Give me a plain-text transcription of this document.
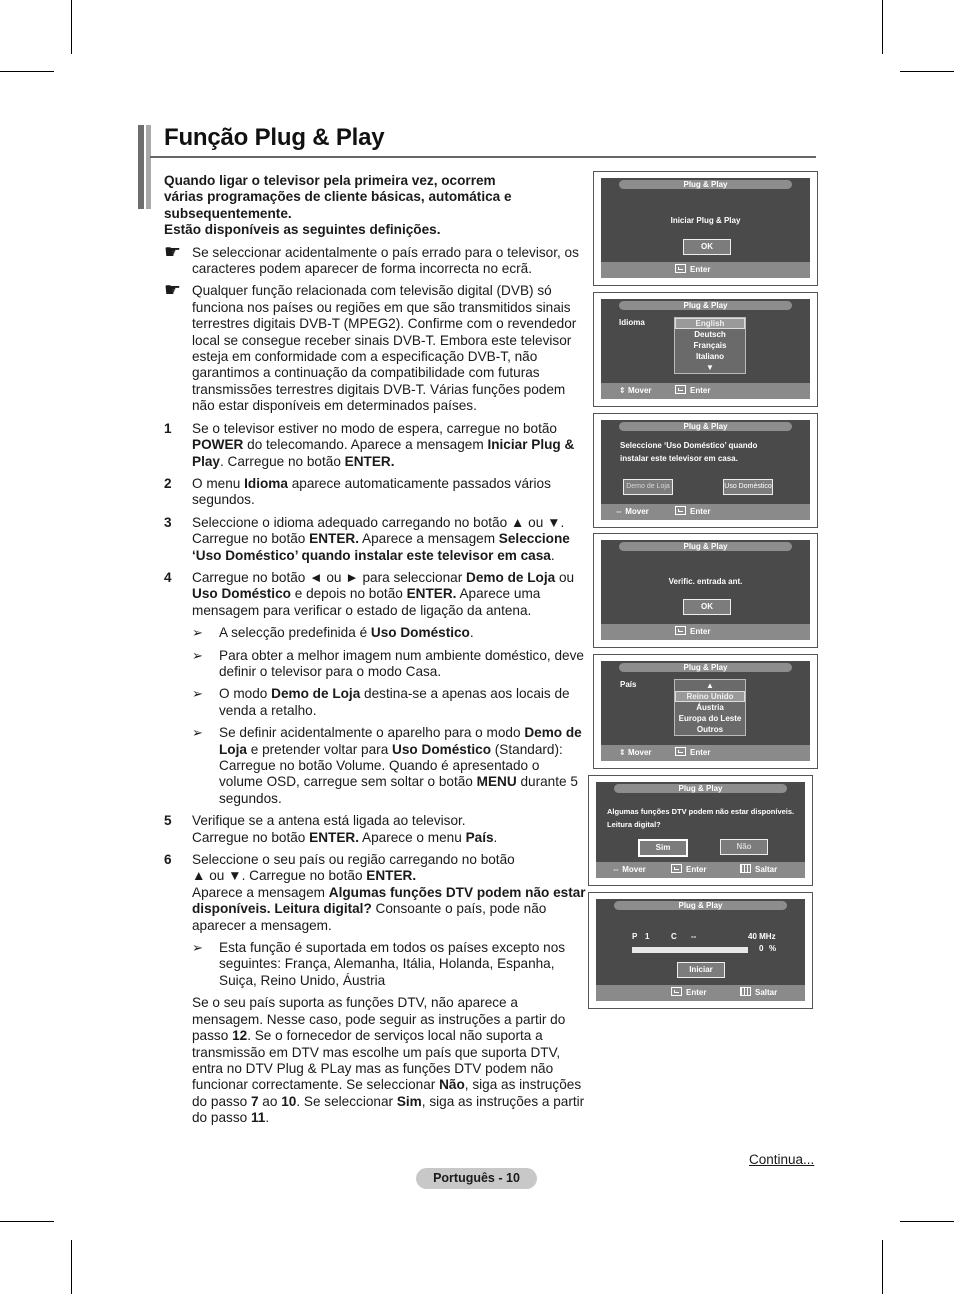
Função Plug & Play

Quando ligar o televisor pela primeira vez, ocorrem

várias programações de cliente básicas, automática e

subsequentemente.

Estão disponíveis as seguintes definições.

☛ Se seleccionar acidentalmente o país errado para o televisor, os caracteres podem aparecer de forma incorrecta no ecrã.
☛ Qualquer função relacionada com televisão digital (DVB) só funciona nos países ou regiões em que são transmitidos sinais terrestres digitais DVB-T (MPEG2). Confirme com o revendedor local se consegue receber sinais DVB-T. Embora este televisor esteja em conformidade com a especificação DVB-T, não garantimos a continuação da compatibilidade com futuras transmissões terrestres digitais DVB-T. Várias funções podem não estar disponíveis em determinados países.
1	Se o televisor estiver no modo de espera, carregue no botão POWER do telecomando. Aparece a mensagem Iniciar Plug & Play. Carregue no botão ENTER.
2	O menu Idioma aparece automaticamente passados vários segundos.
3	Seleccione o idioma adequado carregando no botão ▲ ou ▼. Carregue no botão ENTER. Aparece a mensagem Seleccione ‘Uso Doméstico’ quando instalar este televisor em casa.
4	Carregue no botão ◄ ou ► para seleccionar Demo de Loja ou Uso Doméstico e depois no botão ENTER. Aparece uma mensagem para verificar o estado de ligação da antena.
➢	A selecção predefinida é Uso Doméstico.
➢	Para obter a melhor imagem num ambiente doméstico, deve definir o televisor para o modo Casa.
➢	O modo Demo de Loja destina-se a apenas aos locais de venda a retalho.
➢	Se definir acidentalmente o aparelho para o modo Demo de Loja e pretender voltar para Uso Doméstico (Standard): Carregue no botão Volume. Quando é apresentado o volume OSD, carregue sem soltar o botão MENU durante 5 segundos.
5	Verifique se a antena está ligada ao televisor.
Carregue no botão ENTER. Aparece o menu País.
6	Seleccione o seu país ou região carregando no botão
▲ ou ▼. Carregue no botão ENTER.
Aparece a mensagem Algumas funções DTV podem não estar disponíveis. Leitura digital? Consoante o país, pode não aparecer a mensagem.
➢	Esta função é suportada em todos os países excepto nos seguintes: França, Alemanha, Itália, Holanda, Espanha, Suiça, Reino Unido, Áustria
Se o seu país suporta as funções DTV, não aparece a mensagem. Nesse caso, pode seguir as instruções a partir do passo 12. Se o fornecedor de serviços local não suporta a transmissão em DTV mas escolhe um país que suporta DTV, entra no DTV Plug & PLay mas as funções DTV podem não funcionar correctamente. Se seleccionar Não, siga as instruções do passo 7 ao 10. Se seleccionar Sim, siga as instruções a partir do passo 11.
Continua...
Português - 10
Plug & Play
Iniciar Plug & Play
OK
Enter
Plug & Play
Idioma	English
Deutsch
Français
Italiano
▼
⇕ Mover	Enter
Plug & Play
Seleccione ‘Uso Doméstico’ quando
instalar este televisor em casa.
Demo de Loja	Uso Doméstico
⇔ Mover	Enter
Plug & Play
Verific. entrada ant.
OK
Enter
Plug & Play
País	▲
Reino Unido
Áustria
Europa do Leste
Outros
⇕ Mover	Enter
Plug & Play
Algumas funções DTV podem não estar disponíveis.
Leitura digital?
Sim	Não
⇔ Mover	Enter	Saltar
Plug & Play
P 1	C --	40 MHz
0 %
Iniciar
Enter	Saltar
